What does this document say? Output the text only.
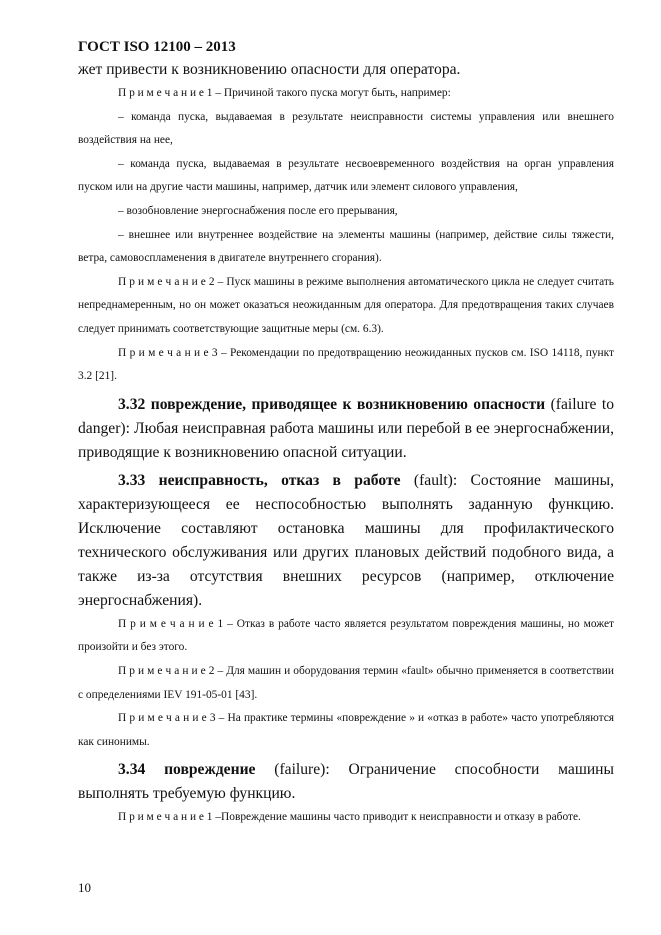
ГОСТ ISO 12100 – 2013

жет привести к возникновению опасности для оператора.

П р и м е ч а н и е 1 – Причиной такого пуска могут быть, например:

– команда пуска, выдаваемая в результате неисправности системы управления или внешнего воздействия на нее,

– команда пуска, выдаваемая в результате несвоевременного воздействия на орган управления пуском или на другие части машины, например, датчик или элемент силового управления,

– возобновление энергоснабжения после его прерывания,

– внешнее или внутреннее воздействие на элементы машины (например, действие силы тяжести, ветра, самовоспламенения в двигателе внутреннего сгорания).

П р и м е ч а н и е 2 – Пуск машины в режиме выполнения автоматического цикла не следует считать непреднамеренным, но он может оказаться неожиданным для оператора. Для предотвращения таких случаев следует принимать соответствующие защитные меры (см. 6.3).

П р и м е ч а н и е 3 – Рекомендации по предотвращению неожиданных пусков см. ISO 14118, пункт 3.2 [21].

3.32 повреждение, приводящее к возникновению опасности (failure to danger): Любая неисправная работа машины или перебой в ее энергоснабжении, приводящие к возникновению опасной ситуации.

3.33 неисправность, отказ в работе (fault): Состояние машины, характеризующееся ее неспособностью выполнять заданную функцию. Исключение составляют остановка машины для профилактического технического обслуживания или других плановых действий подобного вида, а также из-за отсутствия внешних ресурсов (например, отключение энергоснабжения).

П р и м е ч а н и е 1 – Отказ в работе часто является результатом повреждения машины, но может произойти и без этого.

П р и м е ч а н и е 2 – Для машин и оборудования термин «fault» обычно применяется в соответствии с определениями IEV 191-05-01 [43].

П р и м е ч а н и е 3 – На практике термины «повреждение » и «отказ в работе» часто употребляются как синонимы.

3.34 повреждение (failure): Ограничение способности машины выполнять требуемую функцию.

П р и м е ч а н и е 1 –Повреждение машины часто приводит к неисправности и отказу в работе.

10
